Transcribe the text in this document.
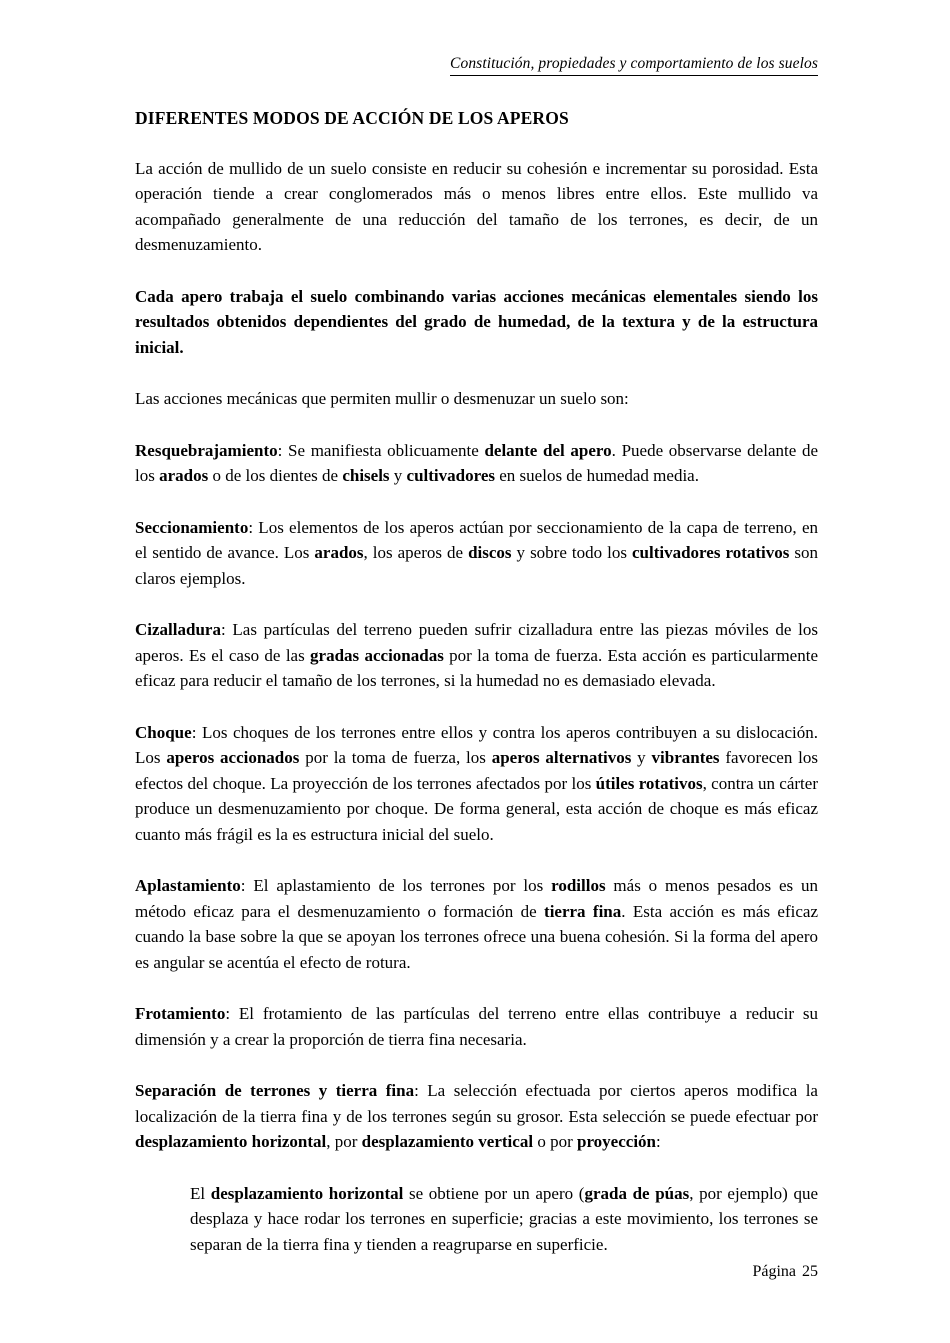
Constitución, propiedades y comportamiento de los suelos
DIFERENTES MODOS DE ACCIÓN DE LOS APEROS

La acción de mullido de un suelo consiste en reducir su cohesión e incrementar su porosidad. Esta operación tiende a crear conglomerados más o menos libres entre ellos. Este mullido va acompañado generalmente de una reducción del tamaño de los terrones, es decir, de un desmenuzamiento.

Cada apero trabaja el suelo combinando varias acciones mecánicas elementales siendo los resultados obtenidos dependientes del grado de humedad, de la textura y de la estructura inicial.

Las acciones mecánicas que permiten mullir o desmenuzar un suelo son:

Resquebrajamiento: Se manifiesta oblicuamente delante del apero. Puede observarse delante de los arados o de los dientes de chisels y cultivadores en suelos de humedad media.

Seccionamiento: Los elementos de los aperos actúan por seccionamiento de la capa de terreno, en el sentido de avance. Los arados, los aperos de discos y sobre todo los cultivadores rotativos son claros ejemplos.

Cizalladura: Las partículas del terreno pueden sufrir cizalladura entre las piezas móviles de los aperos. Es el caso de las gradas accionadas por la toma de fuerza. Esta acción es particularmente eficaz para reducir el tamaño de los terrones, si la humedad no es demasiado elevada.

Choque: Los choques de los terrones entre ellos y contra los aperos contribuyen a su dislocación. Los aperos accionados por la toma de fuerza, los aperos alternativos y vibrantes favorecen los efectos del choque. La proyección de los terrones afectados por los útiles rotativos, contra un cárter produce un desmenuzamiento por choque. De forma general, esta acción de choque es más eficaz cuanto más frágil es la es estructura inicial del suelo.

Aplastamiento: El aplastamiento de los terrones por los rodillos más o menos pesados es un método eficaz para el desmenuzamiento o formación de tierra fina. Esta acción es más eficaz cuando la base sobre la que se apoyan los terrones ofrece una buena cohesión. Si la forma del apero es angular se acentúa el efecto de rotura.

Frotamiento: El frotamiento de las partículas del terreno entre ellas contribuye a reducir su dimensión y a crear la proporción de tierra fina necesaria.

Separación de terrones y tierra fina: La selección efectuada por ciertos aperos modifica la localización de la tierra fina y de los terrones según su grosor. Esta selección se puede efectuar por desplazamiento horizontal, por desplazamiento vertical o por proyección:

El desplazamiento horizontal se obtiene por un apero (grada de púas, por ejemplo) que desplaza y hace rodar los terrones en superficie; gracias a este movimiento, los terrones se separan de la tierra fina y tienden a reagruparse en superficie.

Página 25
